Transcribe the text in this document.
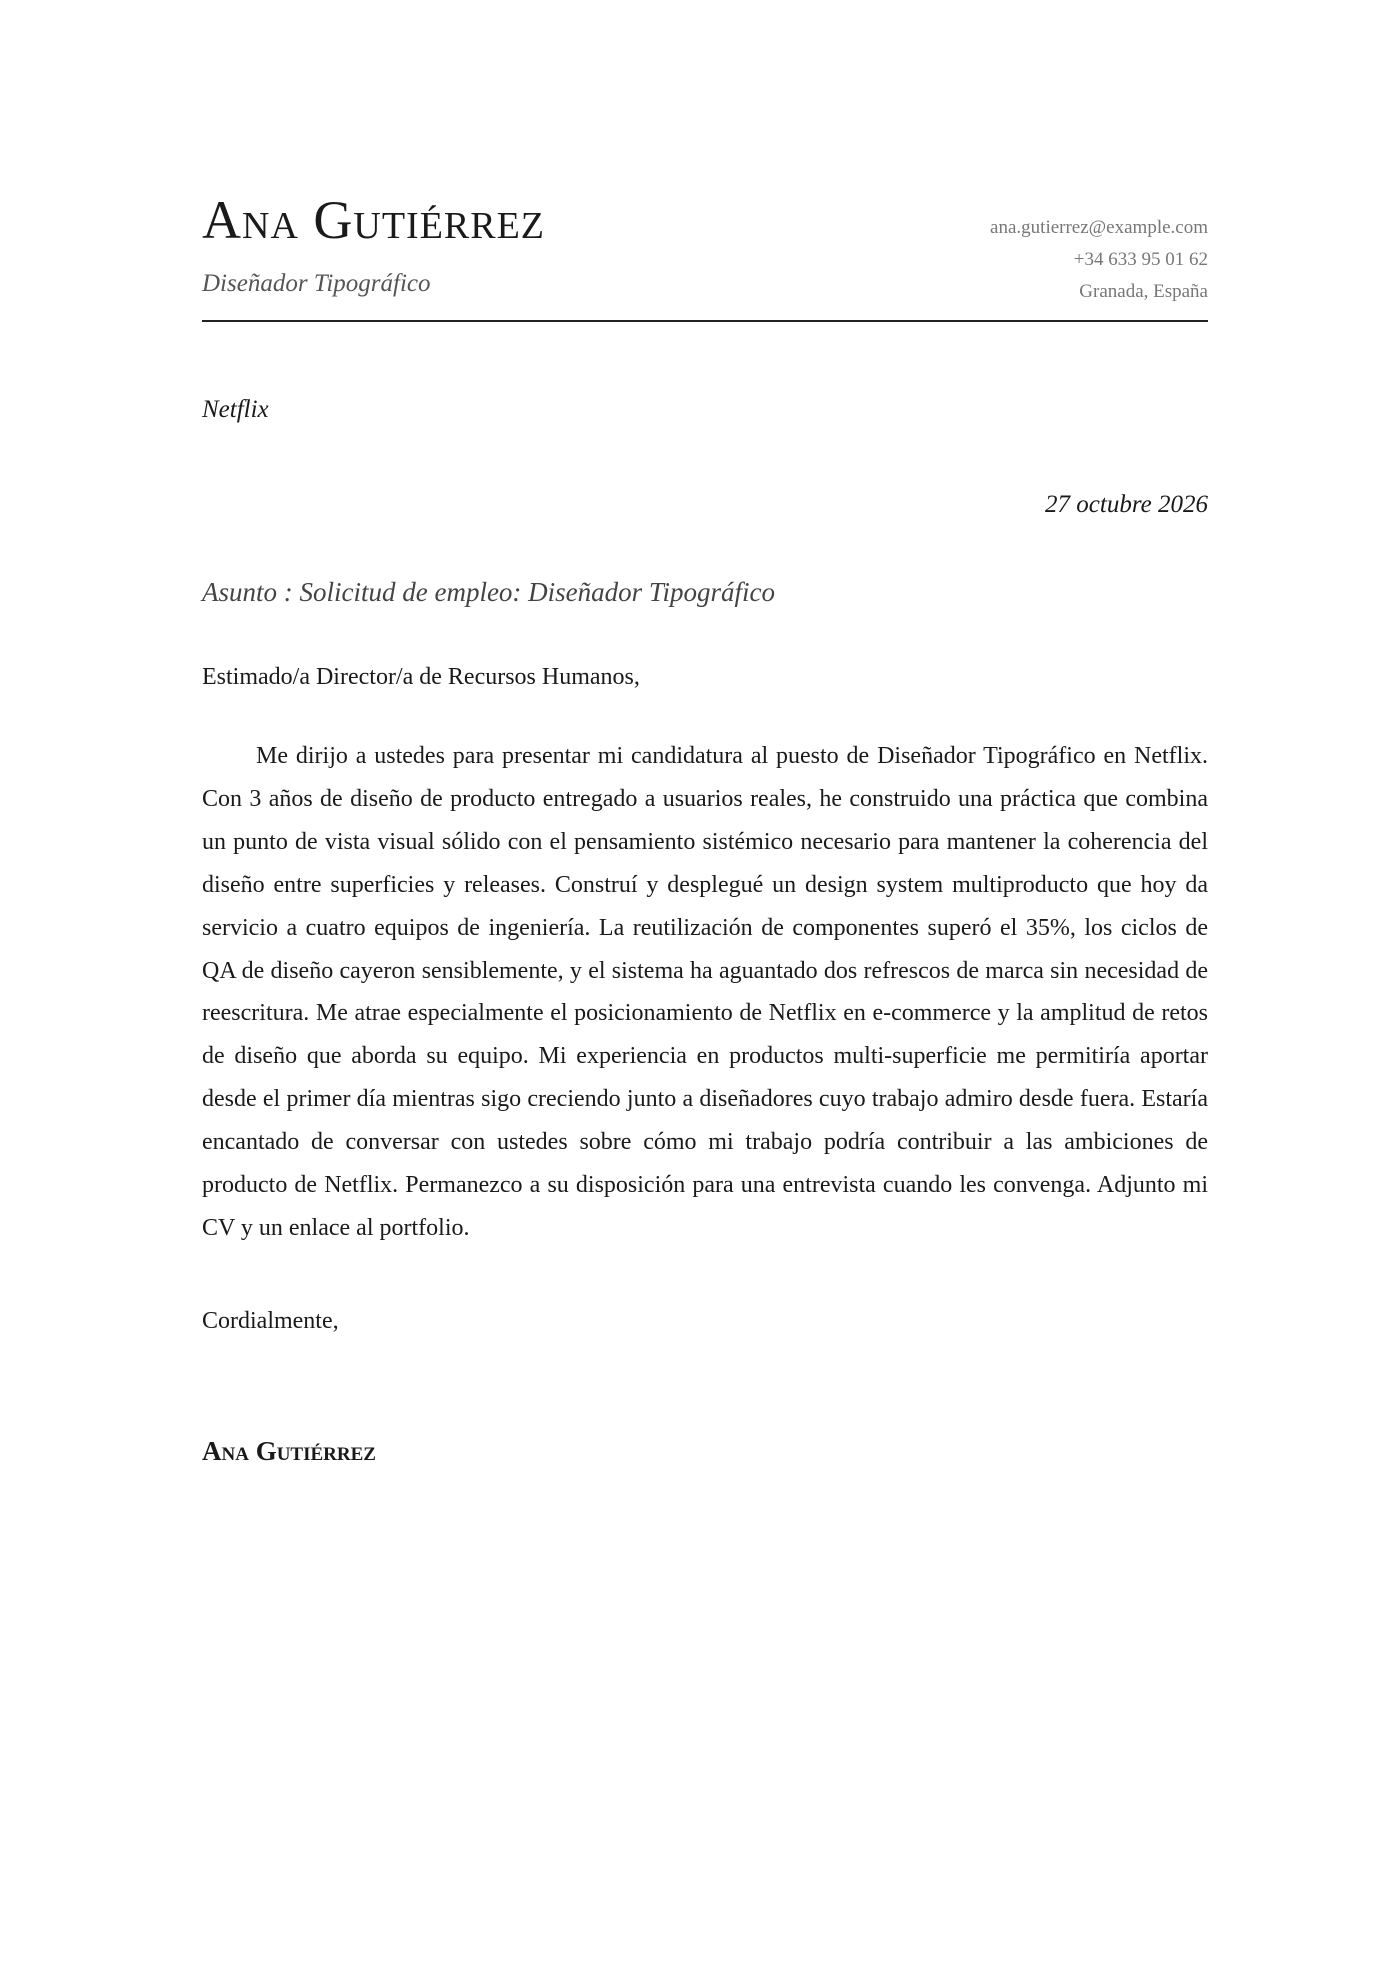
Ana Gutiérrez
Diseñador Tipográfico
ana.gutierrez@example.com
+34 633 95 01 62
Granada, España
Netflix
27 octubre 2026
Asunto : Solicitud de empleo: Diseñador Tipográfico
Estimado/a Director/a de Recursos Humanos,

Me dirijo a ustedes para presentar mi candidatura al puesto de Diseñador Tipográfico en Netflix. Con 3 años de diseño de producto entregado a usuarios reales, he construido una práctica que combina un punto de vista visual sólido con el pensamiento sistémico necesario para mantener la coherencia del diseño entre superficies y releases. Construí y desplegué un design system multiproducto que hoy da servicio a cuatro equipos de ingeniería. La reutilización de componentes superó el 35%, los ciclos de QA de diseño cayeron sensiblemente, y el sistema ha aguantado dos refrescos de marca sin necesidad de reescritura. Me atrae especialmente el posicionamiento de Netflix en e-commerce y la amplitud de retos de diseño que aborda su equipo. Mi experiencia en productos multi-superficie me permitiría aportar desde el primer día mientras sigo creciendo junto a diseñadores cuyo trabajo admiro desde fuera. Estaría encantado de conversar con ustedes sobre cómo mi trabajo podría contribuir a las ambiciones de producto de Netflix. Permanezco a su disposición para una entrevista cuando les convenga. Adjunto mi CV y un enlace al portfolio.

Cordialmente,
Ana Gutiérrez
